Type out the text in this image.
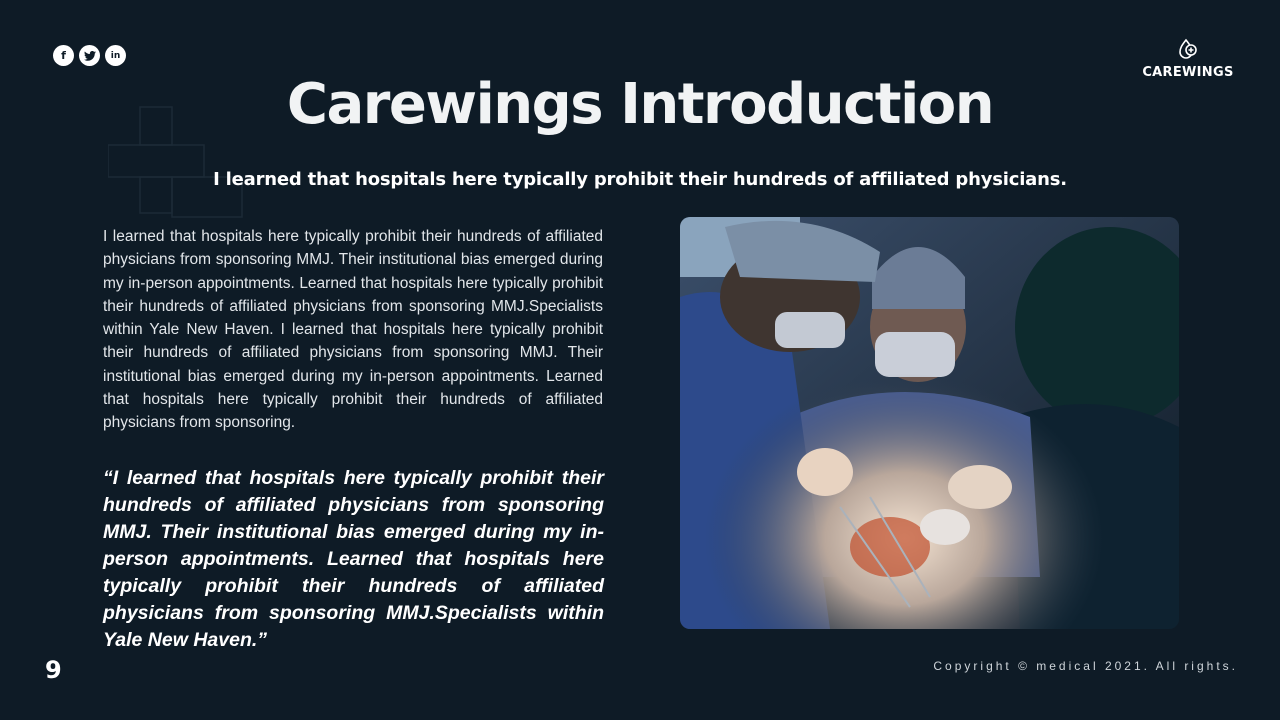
f	in
CAREWINGS
Carewings Introduction
I learned that hospitals here typically prohibit their hundreds of affiliated physicians.

I learned that hospitals here typically prohibit their hundreds of affiliated physicians from sponsoring MMJ. Their institutional bias emerged during my in-person appointments. Learned that hospitals here typically prohibit their hundreds of affiliated physicians from sponsoring MMJ.Specialists within Yale New Haven. I learned that hospitals here typically prohibit their hundreds of affiliated physicians from sponsoring MMJ. Their institutional bias emerged during my in-person appointments. Learned that hospitals here typically prohibit their hundreds of affiliated physicians from sponsoring.

“I learned that hospitals here typically prohibit their hundreds of affiliated physicians from sponsoring MMJ. Their institutional bias emerged during my in-person appointments. Learned that hospitals here typically prohibit their hundreds of affiliated physicians from sponsoring MMJ.Specialists within Yale New Haven.”

9	Copyright © medical 2021. All rights.
